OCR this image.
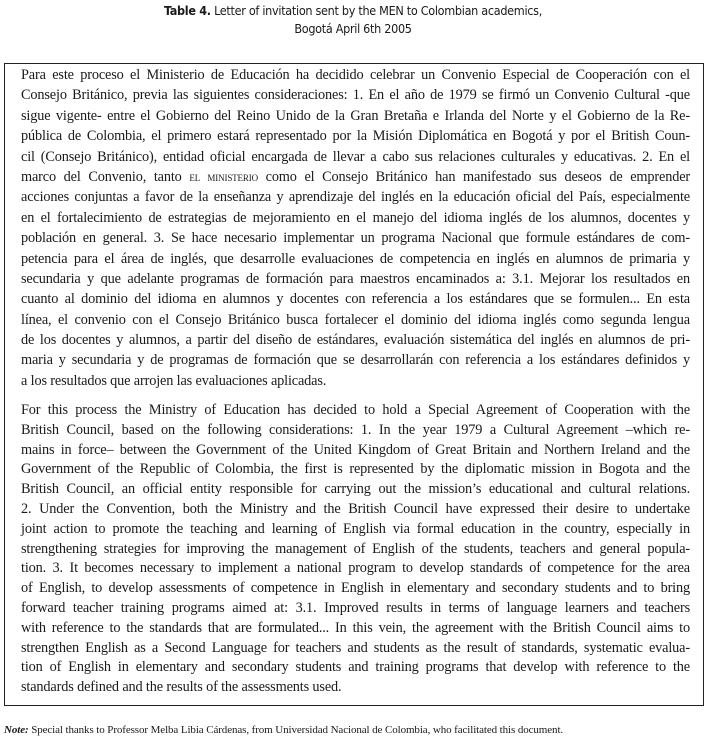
Table 4. Letter of invitation sent by the MEN to Colombian academics,
Bogotá April 6th 2005
Para este proceso el Ministerio de Educación ha decidido celebrar un Convenio Especial de Cooperación con el
Consejo Británico, previa las siguientes consideraciones: 1. En el año de 1979 se firmó un Convenio Cultural -que
sigue vigente- entre el Gobierno del Reino Unido de la Gran Bretaña e Irlanda del Norte y el Gobierno de la Re-
pública de Colombia, el primero estará representado por la Misión Diplomática en Bogotá y por el British Coun-
cil (Consejo Británico), entidad oficial encargada de llevar a cabo sus relaciones culturales y educativas. 2. En el
marco del Convenio, tanto el ministerio como el Consejo Británico han manifestado sus deseos de emprender
acciones conjuntas a favor de la enseñanza y aprendizaje del inglés en la educación oficial del País, especialmente
en el fortalecimiento de estrategias de mejoramiento en el manejo del idioma inglés de los alumnos, docentes y
población en general. 3. Se hace necesario implementar un programa Nacional que formule estándares de com-
petencia para el área de inglés, que desarrolle evaluaciones de competencia en inglés en alumnos de primaria y
secundaria y que adelante programas de formación para maestros encaminados a: 3.1. Mejorar los resultados en
cuanto al dominio del idioma en alumnos y docentes con referencia a los estándares que se formulen... En esta
línea, el convenio con el Consejo Británico busca fortalecer el dominio del idioma inglés como segunda lengua
de los docentes y alumnos, a partir del diseño de estándares, evaluación sistemática del inglés en alumnos de pri-
maria y secundaria y de programas de formación que se desarrollarán con referencia a los estándares definidos y
a los resultados que arrojen las evaluaciones aplicadas.
For this process the Ministry of Education has decided to hold a Special Agreement of Cooperation with the
British Council, based on the following considerations: 1. In the year 1979 a Cultural Agreement –which re-
mains in force– between the Government of the United Kingdom of Great Britain and Northern Ireland and the
Government of the Republic of Colombia, the first is represented by the diplomatic mission in Bogota and the
British Council, an official entity responsible for carrying out the mission’s educational and cultural relations.
2. Under the Convention, both the Ministry and the British Council have expressed their desire to undertake
joint action to promote the teaching and learning of English via formal education in the country, especially in
strengthening strategies for improving the management of English of the students, teachers and general popula-
tion. 3. It becomes necessary to implement a national program to develop standards of competence for the area
of English, to develop assessments of competence in English in elementary and secondary students and to bring
forward teacher training programs aimed at: 3.1. Improved results in terms of language learners and teachers
with reference to the standards that are formulated... In this vein, the agreement with the British Council aims to
strengthen English as a Second Language for teachers and students as the result of standards, systematic evalua-
tion of English in elementary and secondary students and training programs that develop with reference to the
standards defined and the results of the assessments used.
Note: Special thanks to Professor Melba Libia Cárdenas, from Universidad Nacional de Colombia, who facilitated this document.
